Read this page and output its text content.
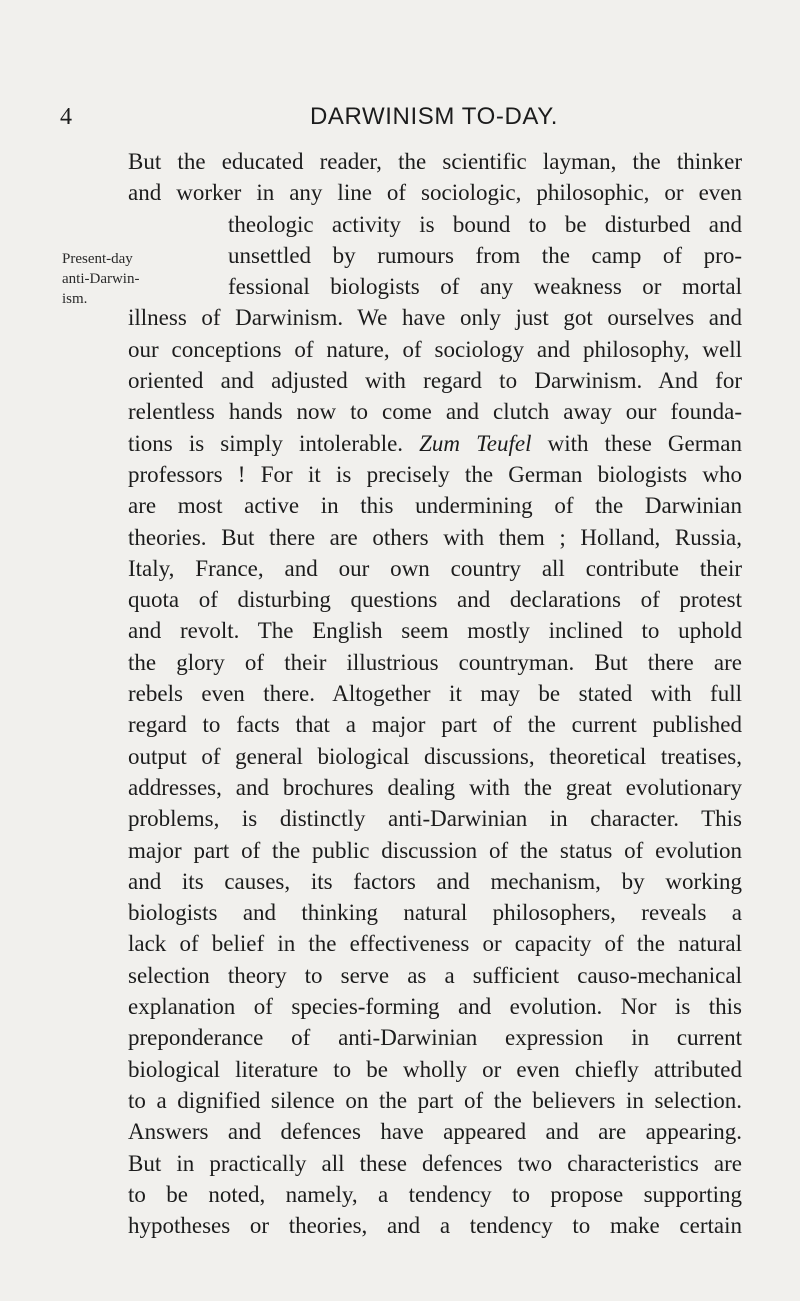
4	DARWINISM TO-DAY.
Present-day
anti-Darwin-
ism.
But the educated reader, the scientific layman, the thinker
and worker in any line of sociologic, philosophic, or even
theologic activity is bound to be disturbed and
unsettled by rumours from the camp of pro-
fessional biologists of any weakness or mortal
illness of Darwinism. We have only just got ourselves and
our conceptions of nature, of sociology and philosophy, well
oriented and adjusted with regard to Darwinism. And for
relentless hands now to come and clutch away our founda-
tions is simply intolerable. Zum Teufel with these German
professors ! For it is precisely the German biologists who
are most active in this undermining of the Darwinian
theories. But there are others with them ; Holland, Russia,
Italy, France, and our own country all contribute their
quota of disturbing questions and declarations of protest
and revolt. The English seem mostly inclined to uphold
the glory of their illustrious countryman. But there are
rebels even there. Altogether it may be stated with full
regard to facts that a major part of the current published
output of general biological discussions, theoretical treatises,
addresses, and brochures dealing with the great evolutionary
problems, is distinctly anti-Darwinian in character. This
major part of the public discussion of the status of evolution
and its causes, its factors and mechanism, by working
biologists and thinking natural philosophers, reveals a
lack of belief in the effectiveness or capacity of the natural
selection theory to serve as a sufficient causo-mechanical
explanation of species-forming and evolution. Nor is this
preponderance of anti-Darwinian expression in current
biological literature to be wholly or even chiefly attributed
to a dignified silence on the part of the believers in selection.
Answers and defences have appeared and are appearing.
But in practically all these defences two characteristics are
to be noted, namely, a tendency to propose supporting
hypotheses or theories, and a tendency to make certain
